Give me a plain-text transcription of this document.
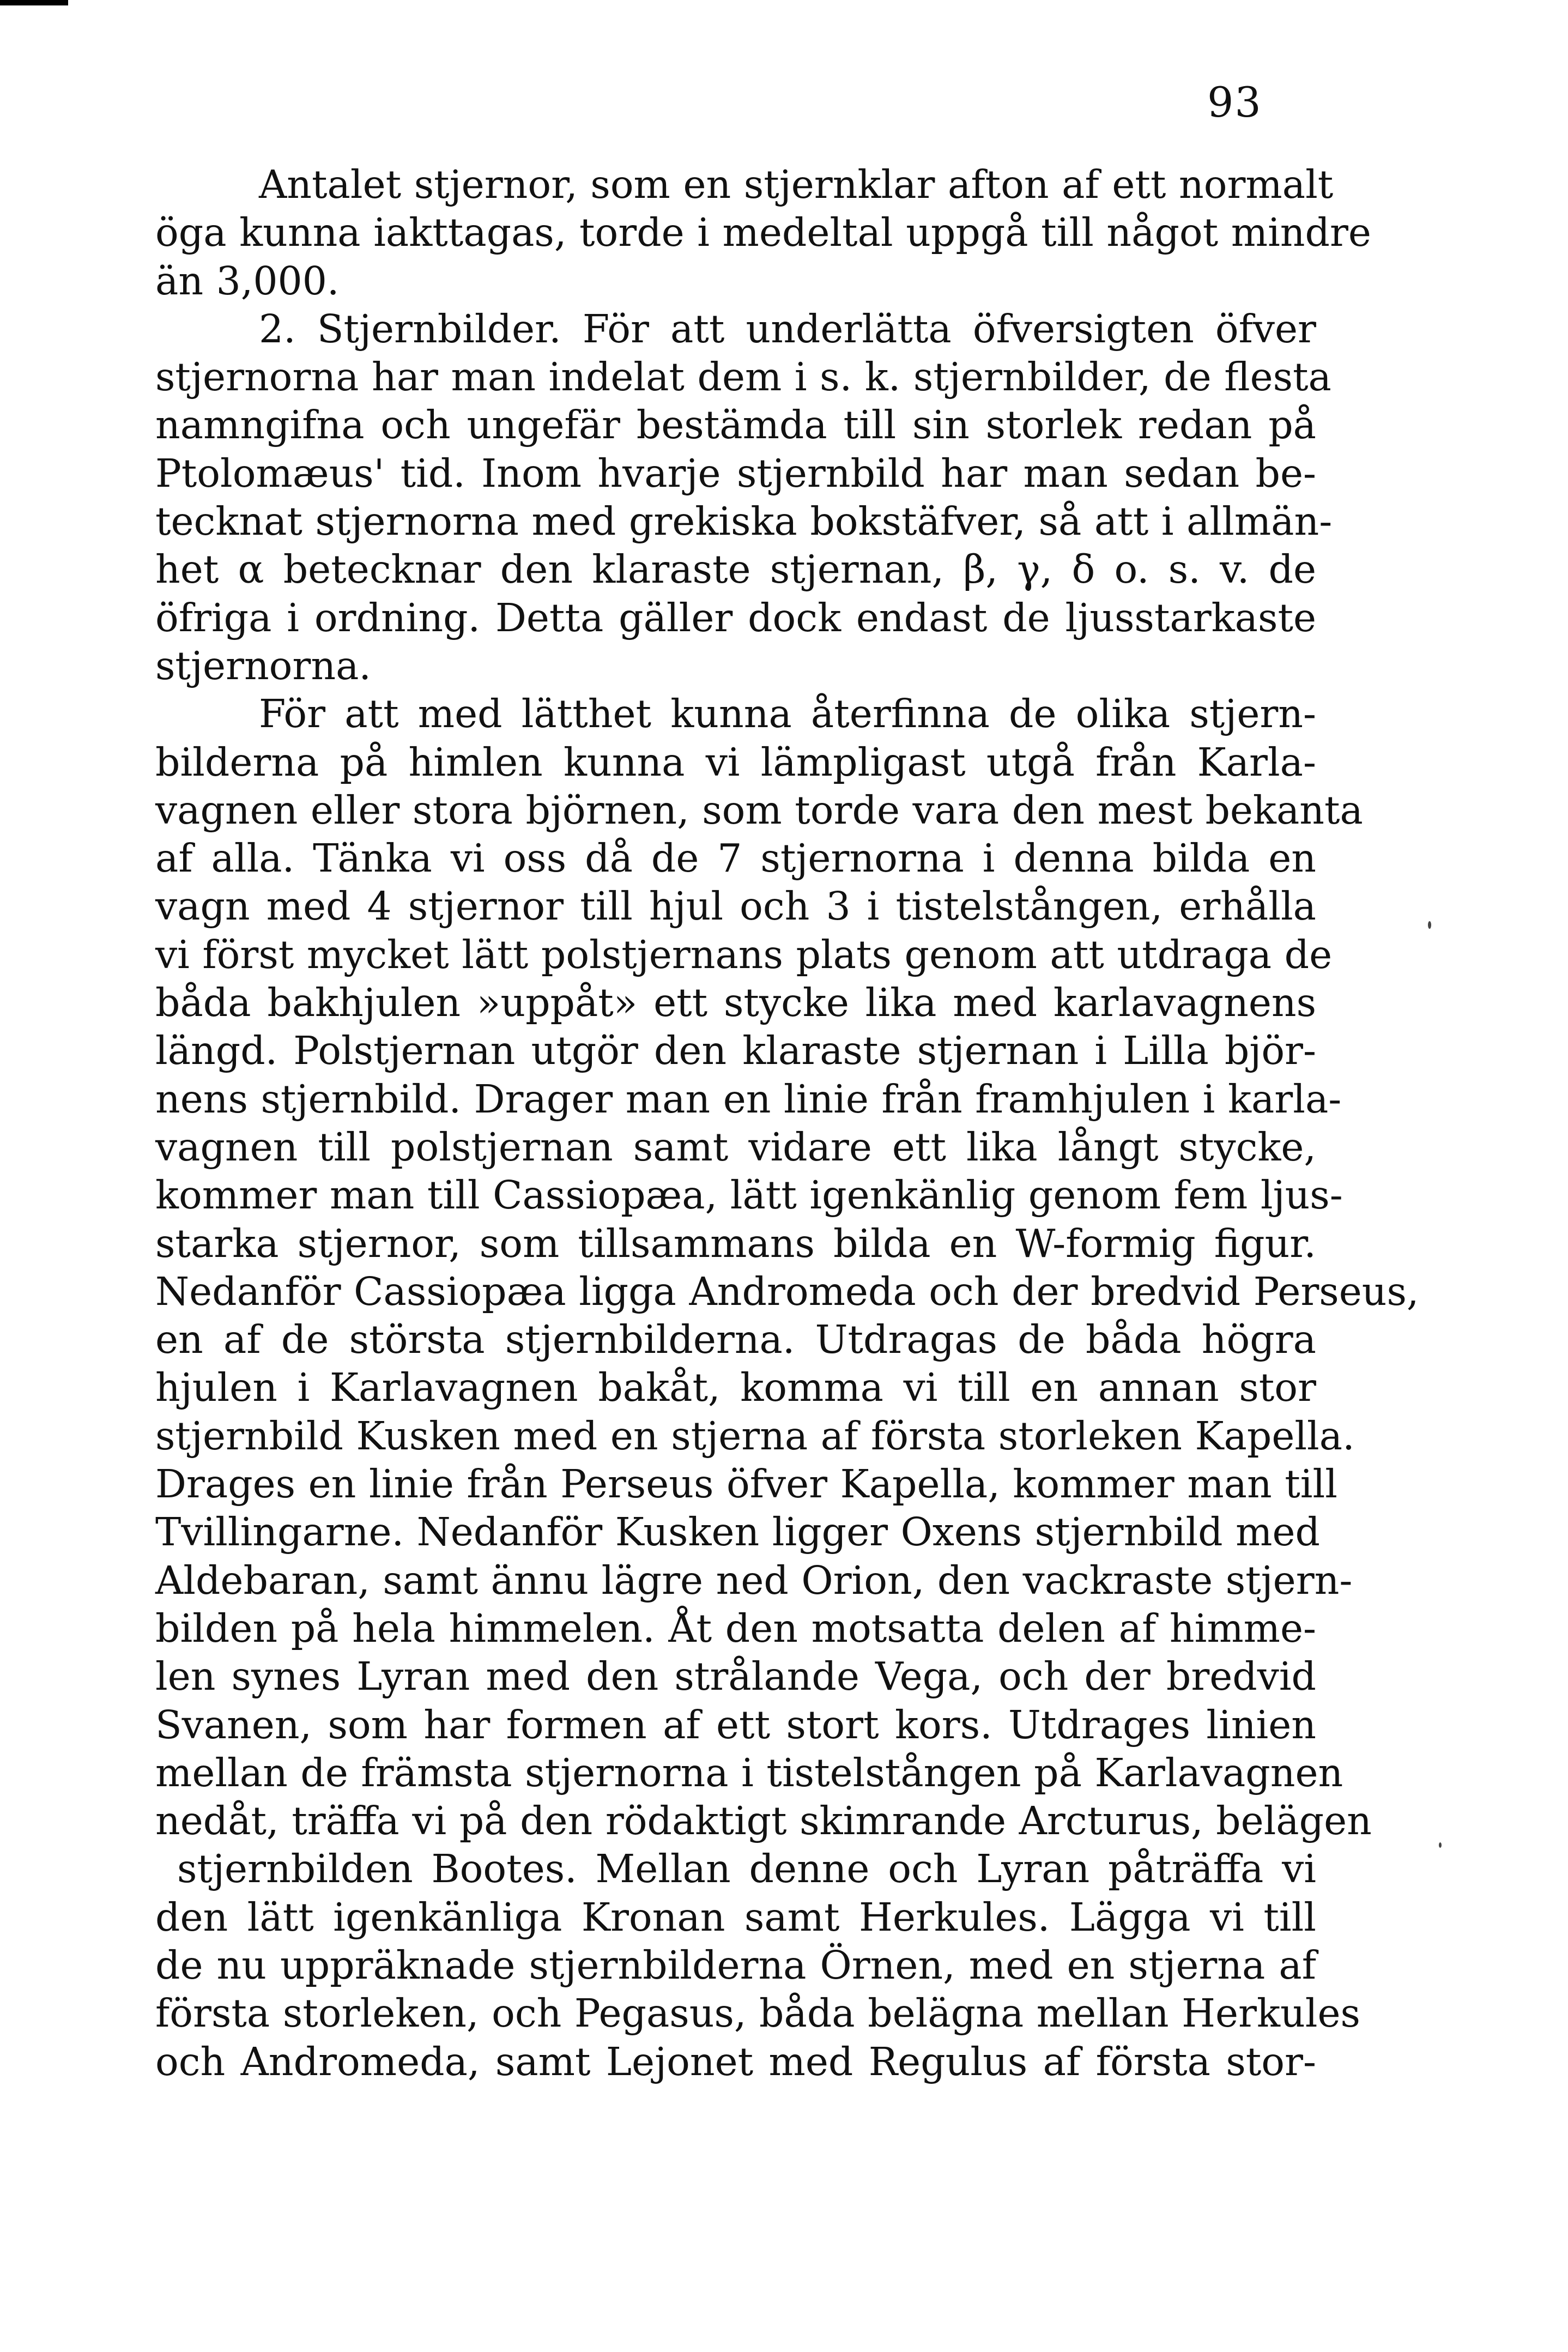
93
Antalet stjernor, som en stjernklar afton af ett normalt
öga kunna iakttagas, torde i medeltal uppgå till något mindre
än 3,000.
2. Stjernbilder. För att underlätta öfversigten öfver
stjernorna har man indelat dem i s. k. stjernbilder, de flesta
namngifna och ungefär bestämda till sin storlek redan på
Ptolomæus' tid. Inom hvarje stjernbild har man sedan be-
tecknat stjernorna med grekiska bokstäfver, så att i allmän-
het α betecknar den klaraste stjernan, β, γ, δ o. s. v. de
öfriga i ordning. Detta gäller dock endast de ljusstarkaste
stjernorna.
För att med lätthet kunna återfinna de olika stjern-
bilderna på himlen kunna vi lämpligast utgå från Karla-
vagnen eller stora björnen, som torde vara den mest bekanta
af alla. Tänka vi oss då de 7 stjernorna i denna bilda en
vagn med 4 stjernor till hjul och 3 i tistelstången, erhålla
vi först mycket lätt polstjernans plats genom att utdraga de
båda bakhjulen »uppåt» ett stycke lika med karlavagnens
längd. Polstjernan utgör den klaraste stjernan i Lilla björ-
nens stjernbild. Drager man en linie från framhjulen i karla-
vagnen till polstjernan samt vidare ett lika långt stycke,
kommer man till Cassiopæa, lätt igenkänlig genom fem ljus-
starka stjernor, som tillsammans bilda en W-formig figur.
Nedanför Cassiopæa ligga Andromeda och der bredvid Perseus,
en af de största stjernbilderna. Utdragas de båda högra
hjulen i Karlavagnen bakåt, komma vi till en annan stor
stjernbild Kusken med en stjerna af första storleken Kapella.
Drages en linie från Perseus öfver Kapella, kommer man till
Tvillingarne. Nedanför Kusken ligger Oxens stjernbild med
Aldebaran, samt ännu lägre ned Orion, den vackraste stjern-
bilden på hela himmelen. Åt den motsatta delen af himme-
len synes Lyran med den strålande Vega, och der bredvid
Svanen, som har formen af ett stort kors. Utdrages linien
mellan de främsta stjernorna i tistelstången på Karlavagnen
nedåt, träffa vi på den rödaktigt skimrande Arcturus, belägen
stjernbilden Bootes. Mellan denne och Lyran påträffa vi
den lätt igenkänliga Kronan samt Herkules. Lägga vi till
de nu uppräknade stjernbilderna Örnen, med en stjerna af
första storleken, och Pegasus, båda belägna mellan Herkules
och Andromeda, samt Lejonet med Regulus af första stor-
